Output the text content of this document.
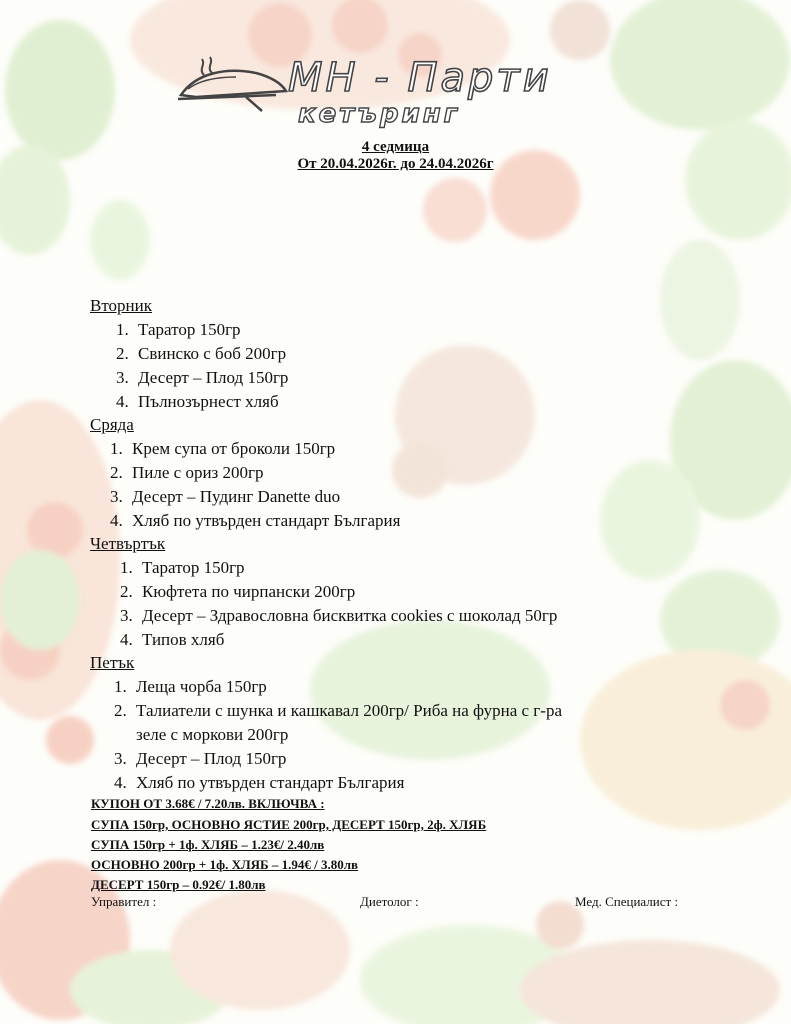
МН - Парти
кетъринг
4 седмица
От 20.04.2026г. до 24.04.2026г
Вторник
1. Таратор 150гр
2. Свинско с боб 200гр
3. Десерт – Плод 150гр
4. Пълнозърнест хляб
Сряда
1. Крем супа от броколи 150гр
2. Пиле с ориз 200гр
3. Десерт – Пудинг Danette duo
4. Хляб по утвърден стандарт България
Четвъртък
1. Таратор 150гр
2. Кюфтета по чирпански 200гр
3. Десерт – Здравословна бисквитка cookies с шоколад 50гр
4. Типов хляб
Петък
1. Леща чорба 150гр
2. Талиатели с шунка и кашкавал 200гр/ Риба на фурна с г-ра
зеле с моркови 200гр
3. Десерт – Плод 150гр
4. Хляб по утвърден стандарт България
КУПОН ОТ 3.68€ / 7.20лв. ВКЛЮЧВА :
СУПА 150гр, ОСНОВНО ЯСТИЕ 200гр, ДЕСЕРТ 150гр, 2ф. ХЛЯБ
СУПА 150гр + 1ф. ХЛЯБ – 1.23€/ 2.40лв
ОСНОВНО 200гр + 1ф. ХЛЯБ – 1.94€ / 3.80лв
ДЕСЕРТ 150гр – 0.92€/ 1.80лв
Управител :	Диетолог :	Мед. Специалист :
